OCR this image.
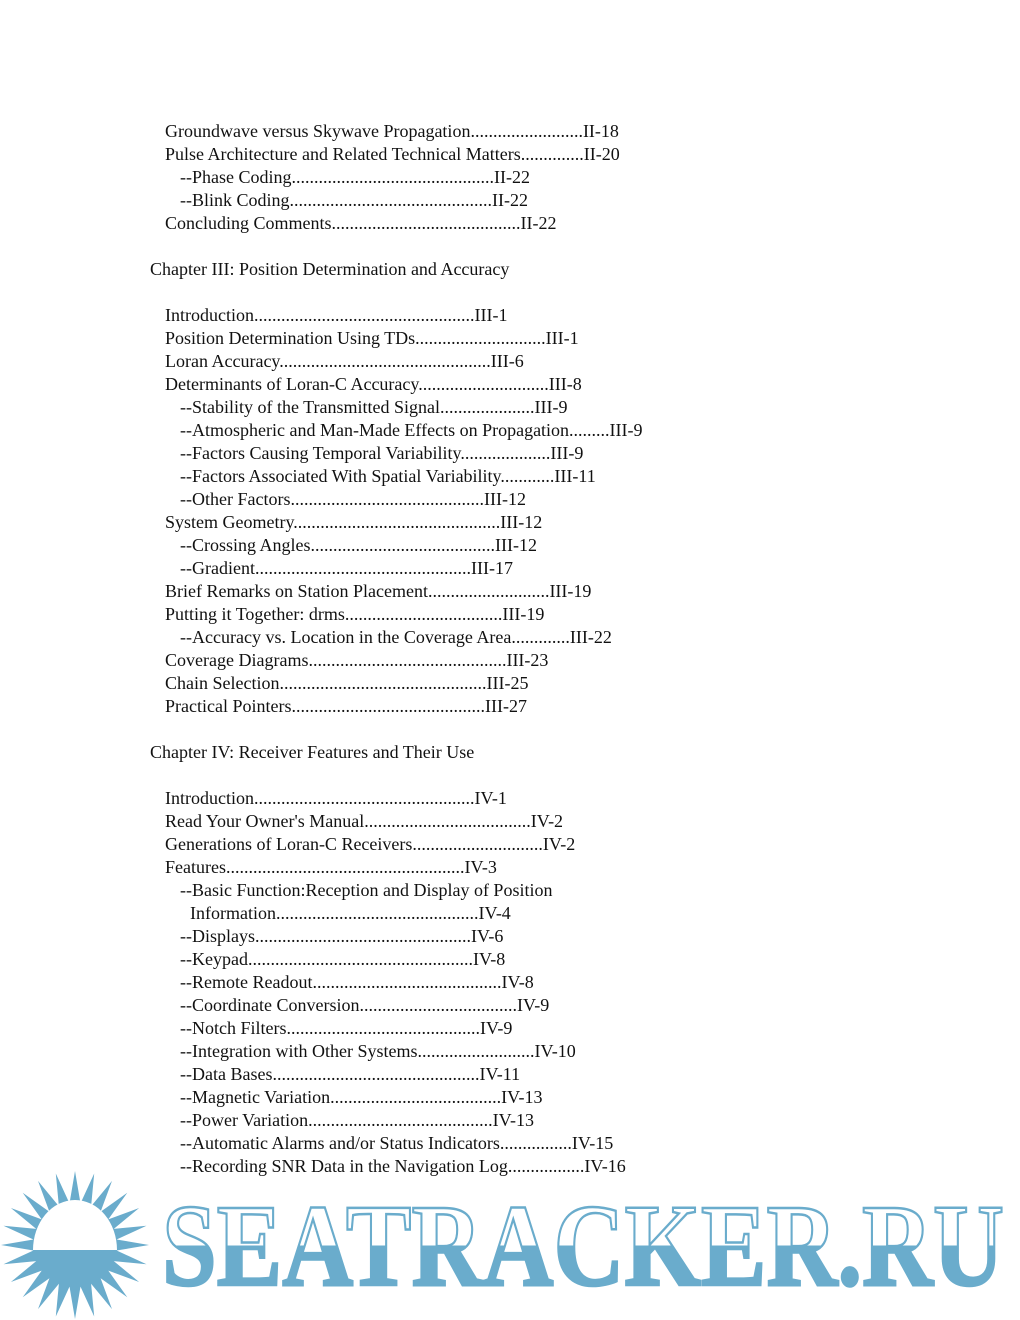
Groundwave versus Skywave Propagation.........................II-18
Pulse Architecture and Related Technical Matters..............II-20
--Phase Coding.............................................II-22
--Blink Coding.............................................II-22
Concluding Comments..........................................II-22
Chapter III: Position Determination and Accuracy
Introduction.................................................III-1
Position Determination Using TDs.............................III-1
Loran Accuracy...............................................III-6
Determinants of Loran-C Accuracy.............................III-8
--Stability of the Transmitted Signal.....................III-9
--Atmospheric and Man-Made Effects on Propagation.........III-9
--Factors Causing Temporal Variability....................III-9
--Factors Associated With Spatial Variability............III-11
--Other Factors...........................................III-12
System Geometry..............................................III-12
--Crossing Angles.........................................III-12
--Gradient................................................III-17
Brief Remarks on Station Placement...........................III-19
Putting it Together: drms...................................III-19
--Accuracy vs. Location in the Coverage Area.............III-22
Coverage Diagrams............................................III-23
Chain Selection..............................................III-25
Practical Pointers...........................................III-27
Chapter IV: Receiver Features and Their Use
Introduction.................................................IV-1
Read Your Owner's Manual.....................................IV-2
Generations of Loran-C Receivers.............................IV-2
Features.....................................................IV-3
--Basic Function:Reception and Display of Position
Information.............................................IV-4
--Displays................................................IV-6
--Keypad..................................................IV-8
--Remote Readout..........................................IV-8
--Coordinate Conversion...................................IV-9
--Notch Filters...........................................IV-9
--Integration with Other Systems..........................IV-10
--Data Bases..............................................IV-11
--Magnetic Variation......................................IV-13
--Power Variation.........................................IV-13
--Automatic Alarms and/or Status Indicators................IV-15
--Recording SNR Data in the Navigation Log.................IV-16
SEATRACKER.RU
